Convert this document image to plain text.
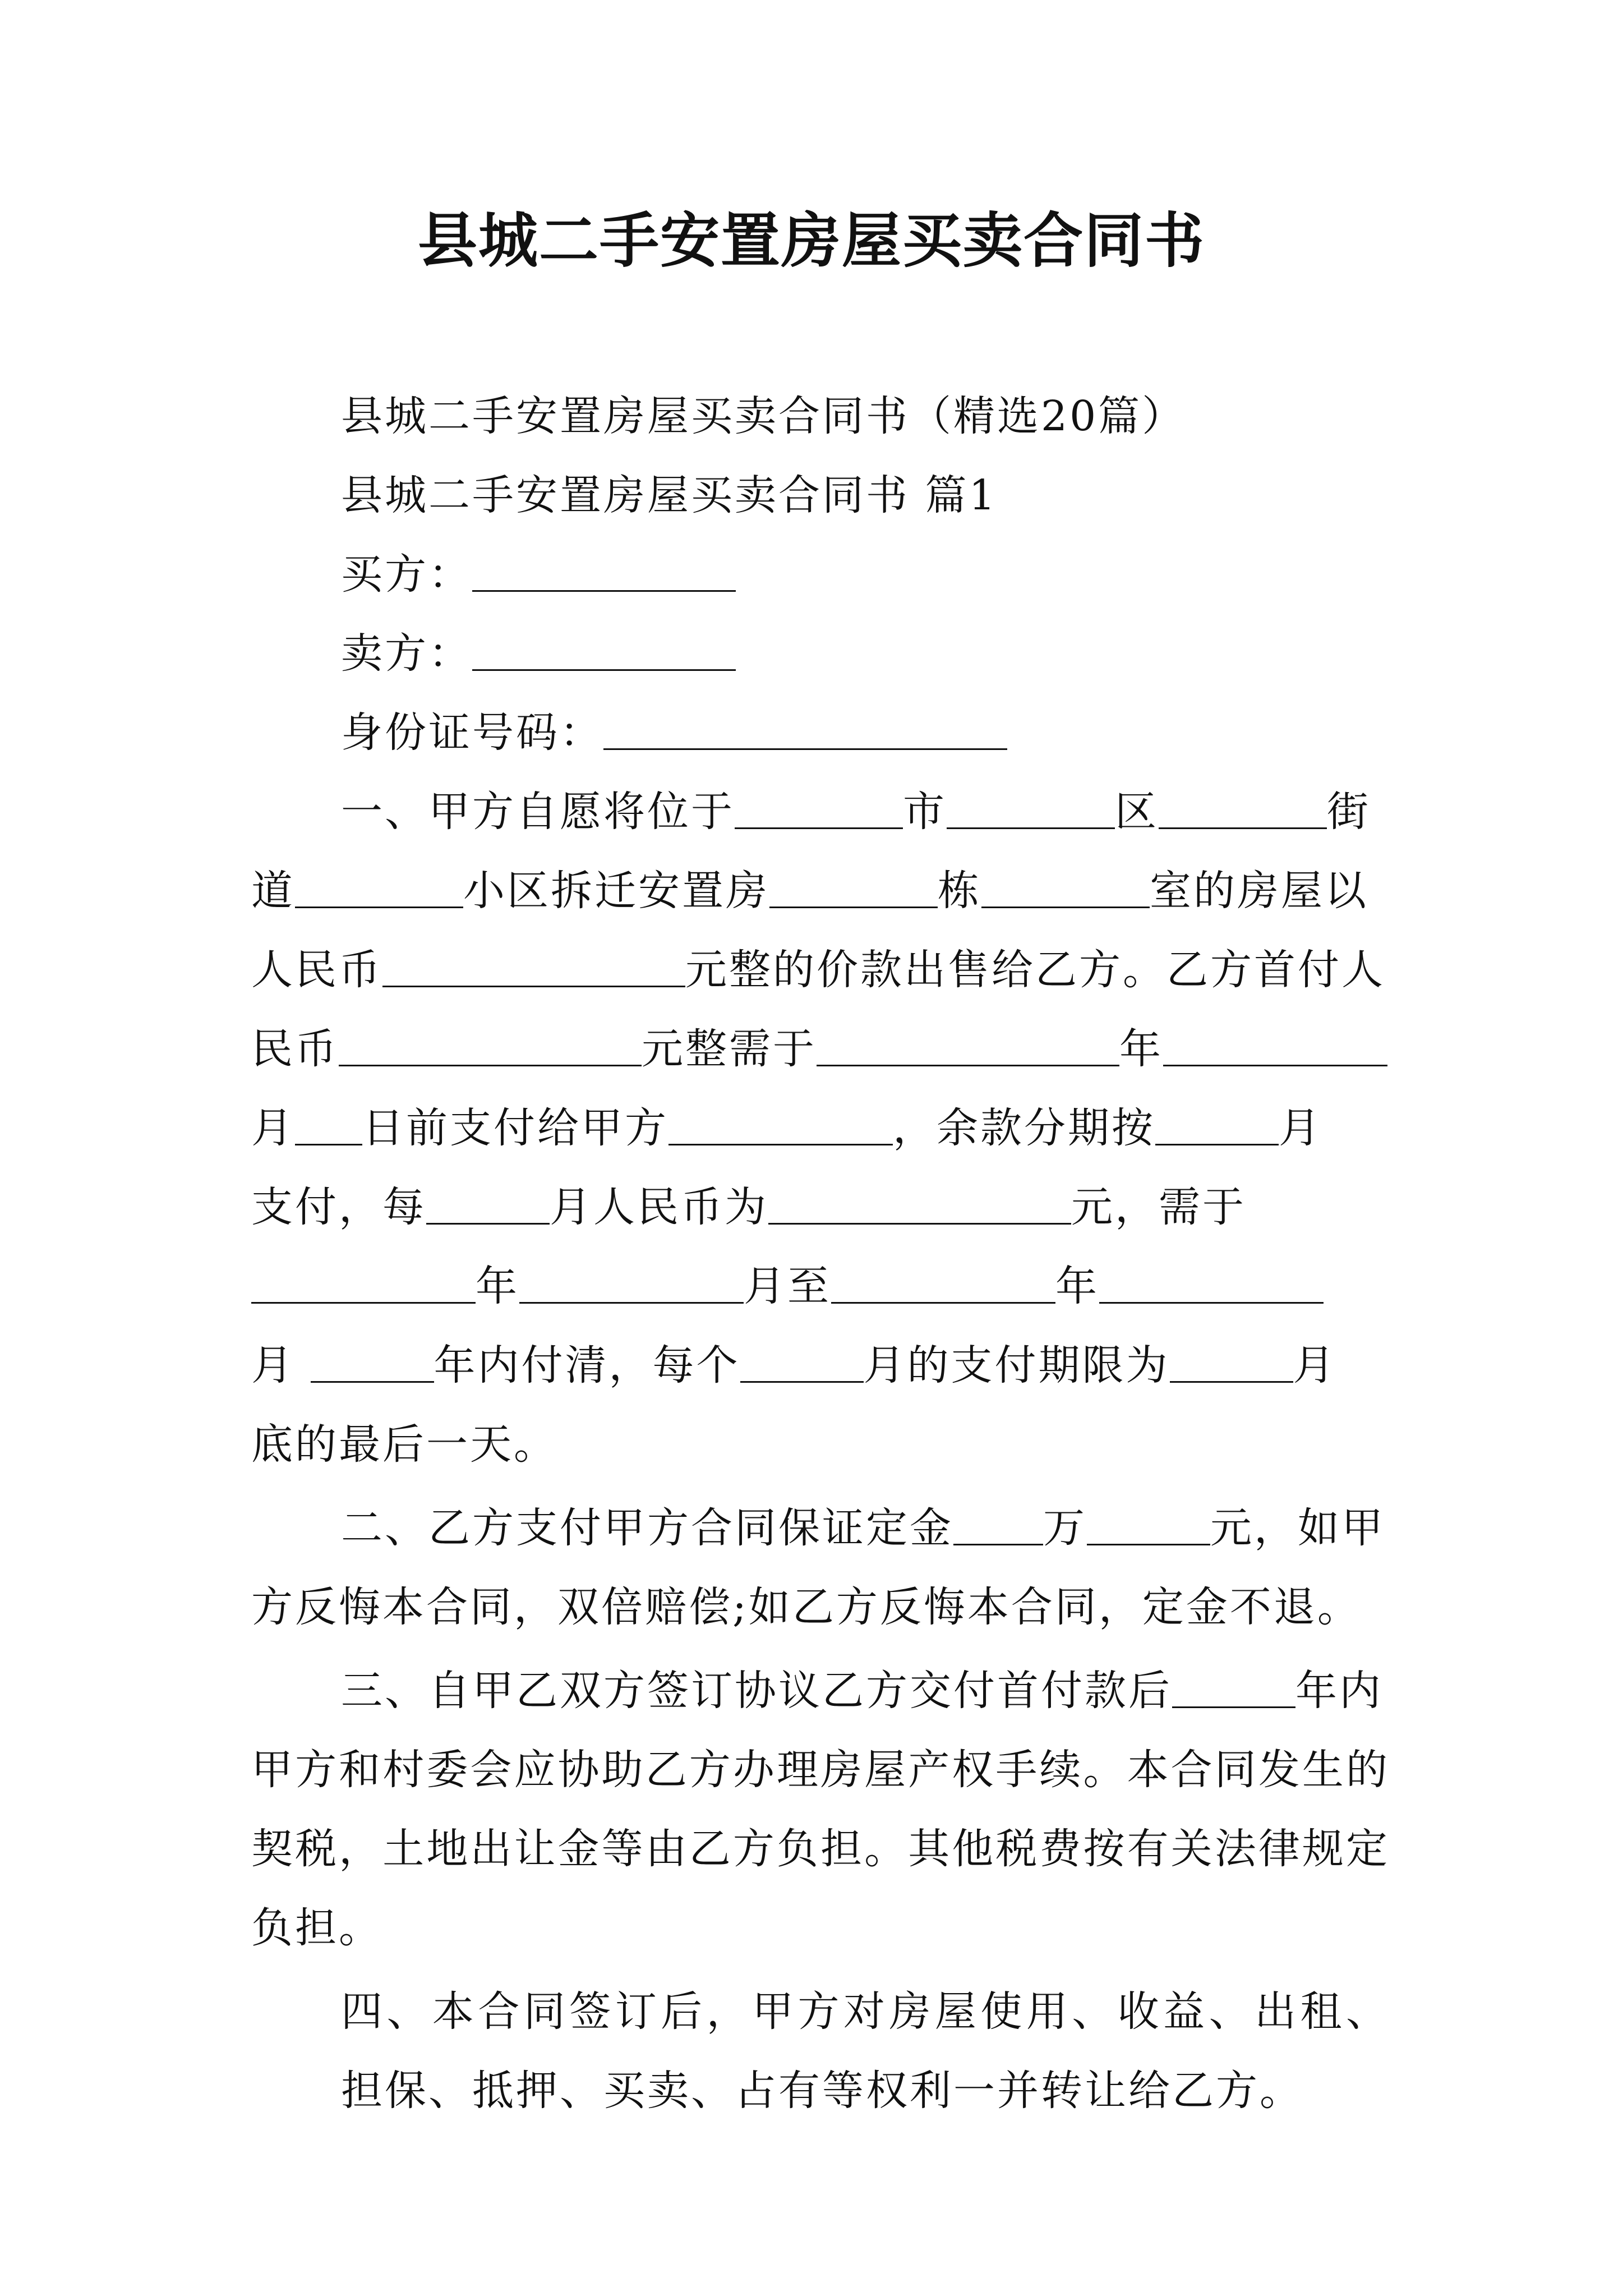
县城二手安置房屋买卖合同书
县城二手安置房屋买卖合同书（精选20篇）
县城二手安置房屋买卖合同书 篇1
买方：
卖方：
身份证号码：
一、甲方自愿将位于	市	区	街
道	小区拆迁安置房	栋	室的房屋以
人民币	元整的价款出售给乙方。乙方首付人
民币	元整需于	年
月 日前支付给甲方	，余款分期按	月
支付，每	月人民币为	元，需于
年	月至	年
月	年内付清，每个	月的支付期限为	月
底的最后一天。
二、乙方支付甲方合同保证定金 万	元，如甲
方反悔本合同，双倍赔偿;如乙方反悔本合同，定金不退。
三、自甲乙双方签订协议乙方交付首付款后	年内
甲方和村委会应协助乙方办理房屋产权手续。本合同发生的契税，土地出让金等由乙方负担。其他税费按有关法律规定负担。
四、本合同签订后，甲方对房屋使用、收益、出租、担保、抵押、买卖、占有等权利一并转让给乙方。
